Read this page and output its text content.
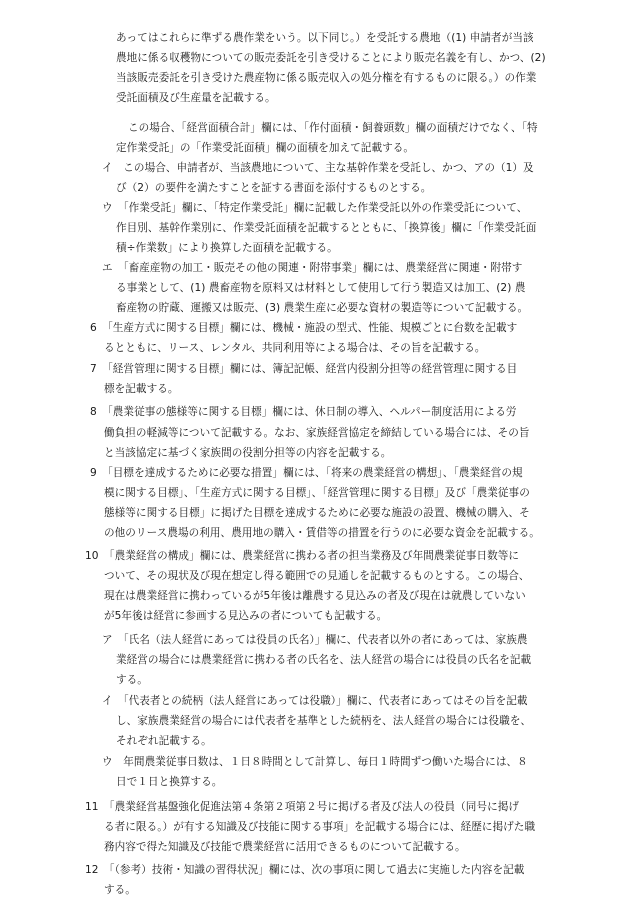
あってはこれらに準ずる農作業をいう。以下同じ。）を受託する農地（(1) 申請者が当該
農地に係る収穫物についての販売委託を引き受けることにより販売名義を有し、かつ、(2)
当該販売委託を引き受けた農産物に係る販売収入の処分権を有するものに限る。）の作業
受託面積及び生産量を記載する。
この場合、「経営面積合計」欄には、「作付面積・飼養頭数」欄の面積だけでなく、「特
定作業受託」の「作業受託面積」欄の面積を加えて記載する。
イ　この場合、申請者が、当該農地について、主な基幹作業を受託し、かつ、アの（1）及
び（2）の要件を満たすことを証する書面を添付するものとする。
ウ　「作業受託」欄に、「特定作業受託」欄に記載した作業受託以外の作業受託について、
作目別、基幹作業別に、作業受託面積を記載するとともに、「換算後」欄に「作業受託面
積÷作業数」により換算した面積を記載する。
エ　「畜産産物の加工・販売その他の関連・附帯事業」欄には、農業経営に関連・附帯す
る事業として、(1) 農畜産物を原料又は材料として使用して行う製造又は加工、(2) 農
畜産物の貯蔵、運搬又は販売、(3) 農業生産に必要な資材の製造等について記載する。
6　「生産方式に関する目標」欄には、機械・施設の型式、性能、規模ごとに台数を記載す
るとともに、リース、レンタル、共同利用等による場合は、その旨を記載する。
7　「経営管理に関する目標」欄には、簿記記帳、経営内役割分担等の経営管理に関する目
標を記載する。
8　「農業従事の態様等に関する目標」欄には、休日制の導入、ヘルパー制度活用による労
働負担の軽減等について記載する。なお、家族経営協定を締結している場合には、その旨
と当該協定に基づく家族間の役割分担等の内容を記載する。
9　「目標を達成するために必要な措置」欄には、「将来の農業経営の構想」、「農業経営の規
模に関する目標」、「生産方式に関する目標」、「経営管理に関する目標」及び「農業従事の
態様等に関する目標」に掲げた目標を達成するために必要な施設の設置、機械の購入、そ
の他のリース農場の利用、農用地の購入・賃借等の措置を行うのに必要な資金を記載する。
10　「農業経営の構成」欄には、農業経営に携わる者の担当業務及び年間農業従事日数等に
ついて、その現状及び現在想定し得る範囲での見通しを記載するものとする。この場合、
現在は農業経営に携わっているが5年後は離農する見込みの者及び現在は就農していない
が5年後は経営に参画する見込みの者についても記載する。
ア　「氏名（法人経営にあっては役員の氏名）」欄に、代表者以外の者にあっては、家族農
業経営の場合には農業経営に携わる者の氏名を、法人経営の場合には役員の氏名を記載
する。
イ　「代表者との続柄（法人経営にあっては役職）」欄に、代表者にあってはその旨を記載
し、家族農業経営の場合には代表者を基準とした続柄を、法人経営の場合には役職を、
それぞれ記載する。
ウ　年間農業従事日数は、１日８時間として計算し、毎日１時間ずつ働いた場合には、８
日で１日と換算する。
11　「農業経営基盤強化促進法第４条第２項第２号に掲げる者及び法人の役員（同号に掲げ
る者に限る。）が有する知識及び技能に関する事項」を記載する場合には、経歴に掲げた職
務内容で得た知識及び技能で農業経営に活用できるものについて記載する。
12　「（参考）技術・知識の習得状況」欄には、次の事項に関して過去に実施した内容を記載
する。
